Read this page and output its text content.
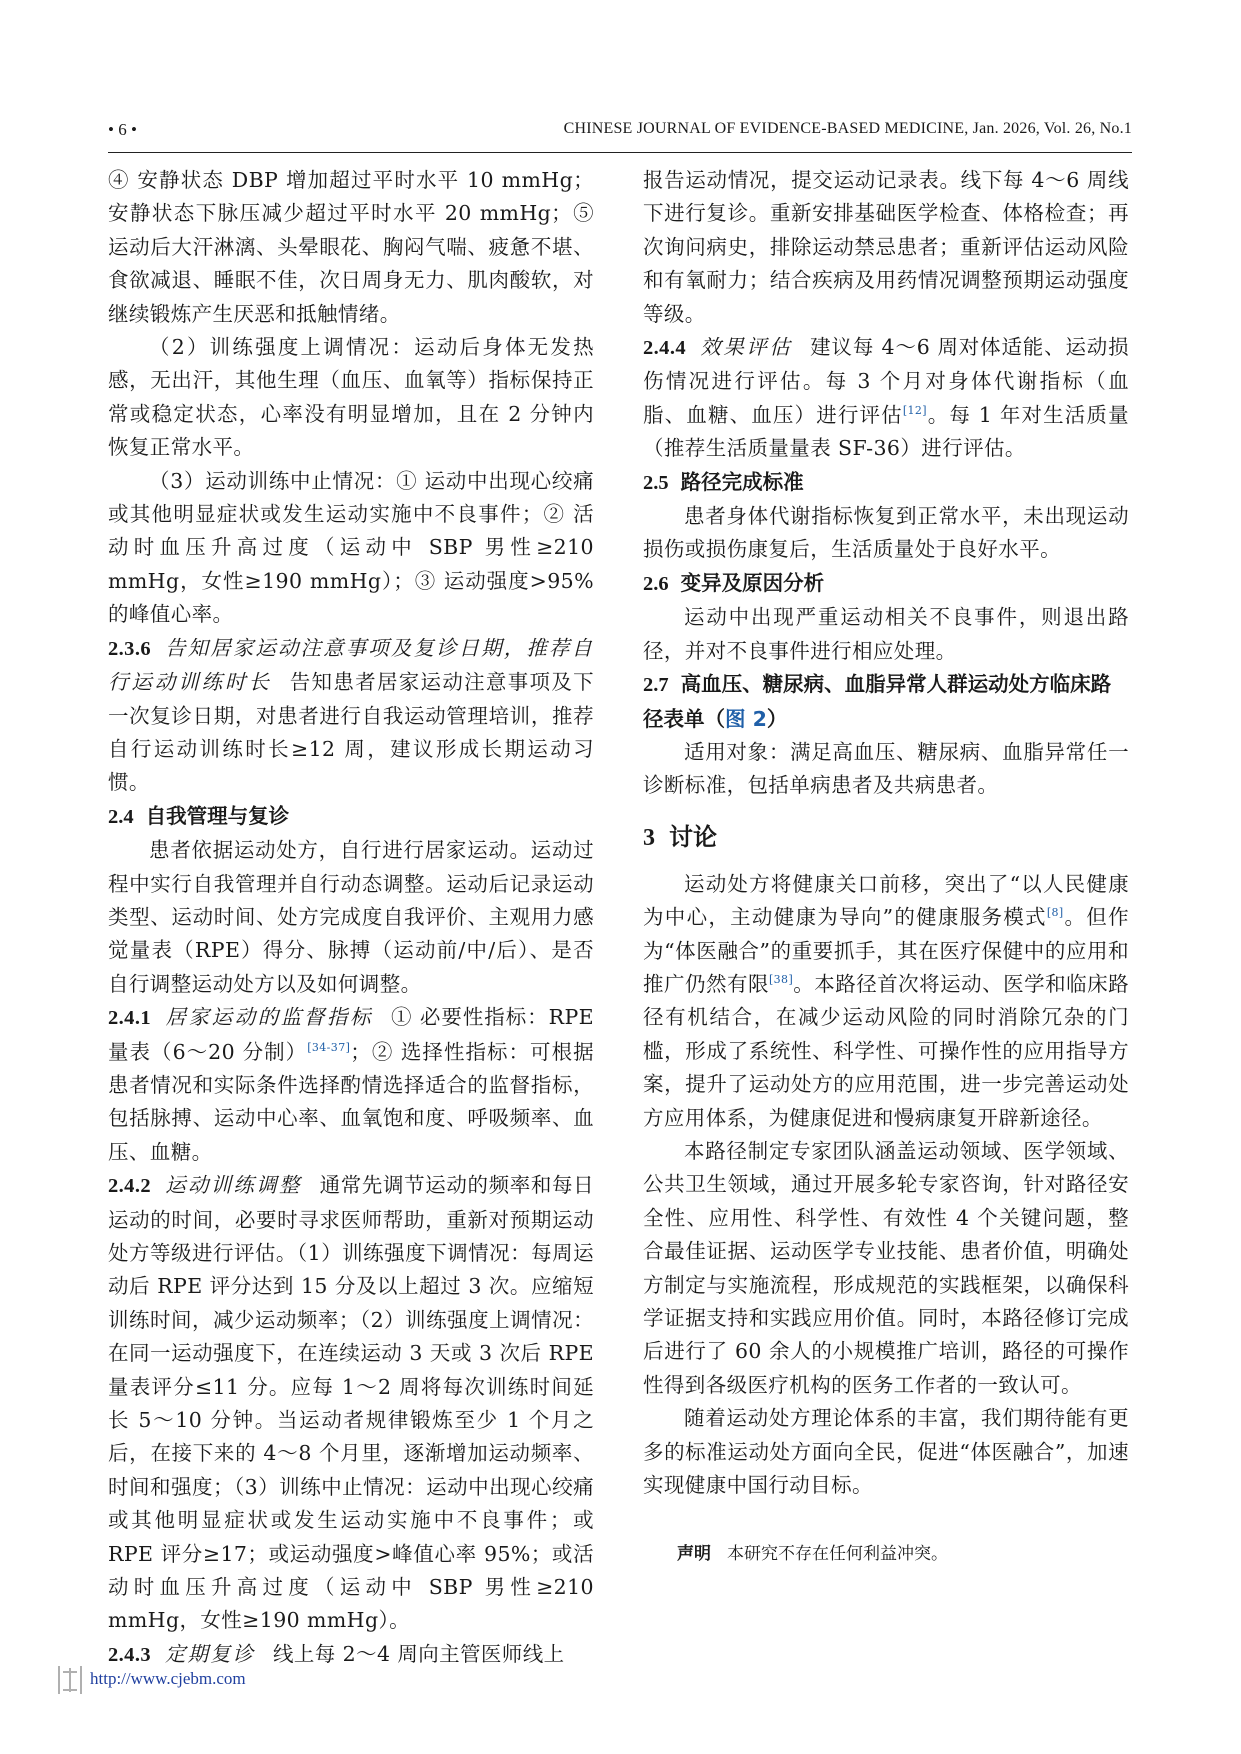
• 6 •	CHINESE JOURNAL OF EVIDENCE-BASED MEDICINE, Jan. 2026, Vol. 26, No.1

④ 安静状态 DBP 增加超过平时水平 10 mmHg；安静状态下脉压减少超过平时水平 20 mmHg；⑤ 运动后大汗淋漓、头晕眼花、胸闷气喘、疲惫不堪、食欲减退、睡眠不佳，次日周身无力、肌肉酸软，对继续锻炼产生厌恶和抵触情绪。

（2）训练强度上调情况：运动后身体无发热感，无出汗，其他生理（血压、血氧等）指标保持正常或稳定状态，心率没有明显增加，且在 2 分钟内恢复正常水平。

（3）运动训练中止情况：① 运动中出现心绞痛或其他明显症状或发生运动实施中不良事件；② 活动时血压升高过度（运动中 SBP 男性≥210 mmHg，女性≥190 mmHg）；③ 运动强度>95%的峰值心率。

2.3.6 告知居家运动注意事项及复诊日期，推荐自行运动训练时长 告知患者居家运动注意事项及下一次复诊日期，对患者进行自我运动管理培训，推荐自行运动训练时长≥12 周，建议形成长期运动习惯。

2.4 自我管理与复诊

患者依据运动处方，自行进行居家运动。运动过程中实行自我管理并自行动态调整。运动后记录运动类型、运动时间、处方完成度自我评价、主观用力感觉量表（RPE）得分、脉搏（运动前/中/后）、是否自行调整运动处方以及如何调整。

2.4.1 居家运动的监督指标 ① 必要性指标：RPE 量表（6～20 分制）[34-37]；② 选择性指标：可根据患者情况和实际条件选择酌情选择适合的监督指标，包括脉搏、运动中心率、血氧饱和度、呼吸频率、血压、血糖。

2.4.2 运动训练调整 通常先调节运动的频率和每日运动的时间，必要时寻求医师帮助，重新对预期运动处方等级进行评估。（1）训练强度下调情况：每周运动后 RPE 评分达到 15 分及以上超过 3 次。应缩短训练时间，减少运动频率；（2）训练强度上调情况：在同一运动强度下，在连续运动 3 天或 3 次后 RPE 量表评分≤11 分。应每 1～2 周将每次训练时间延长 5～10 分钟。当运动者规律锻炼至少 1 个月之后，在接下来的 4～8 个月里，逐渐增加运动频率、时间和强度；（3）训练中止情况：运动中出现心绞痛或其他明显症状或发生运动实施中不良事件；或 RPE 评分≥17；或运动强度>峰值心率 95%；或活动时血压升高过度（运动中 SBP 男性≥210 mmHg，女性≥190 mmHg）。

2.4.3 定期复诊 线上每 2～4 周向主管医师线上

报告运动情况，提交运动记录表。线下每 4～6 周线下进行复诊。重新安排基础医学检查、体格检查；再次询问病史，排除运动禁忌患者；重新评估运动风险和有氧耐力；结合疾病及用药情况调整预期运动强度等级。

2.4.4 效果评估 建议每 4～6 周对体适能、运动损伤情况进行评估。每 3 个月对身体代谢指标（血脂、血糖、血压）进行评估[12]。每 1 年对生活质量（推荐生活质量量表 SF-36）进行评估。

2.5 路径完成标准

患者身体代谢指标恢复到正常水平，未出现运动损伤或损伤康复后，生活质量处于良好水平。

2.6 变异及原因分析

运动中出现严重运动相关不良事件，则退出路径，并对不良事件进行相应处理。

2.7 高血压、糖尿病、血脂异常人群运动处方临床路径表单（图 2）

适用对象：满足高血压、糖尿病、血脂异常任一诊断标准，包括单病患者及共病患者。

3 讨论

运动处方将健康关口前移，突出了“以人民健康为中心，主动健康为导向”的健康服务模式[8]。但作为“体医融合”的重要抓手，其在医疗保健中的应用和推广仍然有限[38]。本路径首次将运动、医学和临床路径有机结合，在减少运动风险的同时消除冗杂的门槛，形成了系统性、科学性、可操作性的应用指导方案，提升了运动处方的应用范围，进一步完善运动处方应用体系，为健康促进和慢病康复开辟新途径。

本路径制定专家团队涵盖运动领域、医学领域、公共卫生领域，通过开展多轮专家咨询，针对路径安全性、应用性、科学性、有效性 4 个关键问题，整合最佳证据、运动医学专业技能、患者价值，明确处方制定与实施流程，形成规范的实践框架，以确保科学证据支持和实践应用价值。同时，本路径修订完成后进行了 60 余人的小规模推广培训，路径的可操作性得到各级医疗机构的医务工作者的一致认可。

随着运动处方理论体系的丰富，我们期待能有更多的标准运动处方面向全民，促进“体医融合”，加速实现健康中国行动目标。

声明 本研究不存在任何利益冲突。
http://www.cjebm.com
